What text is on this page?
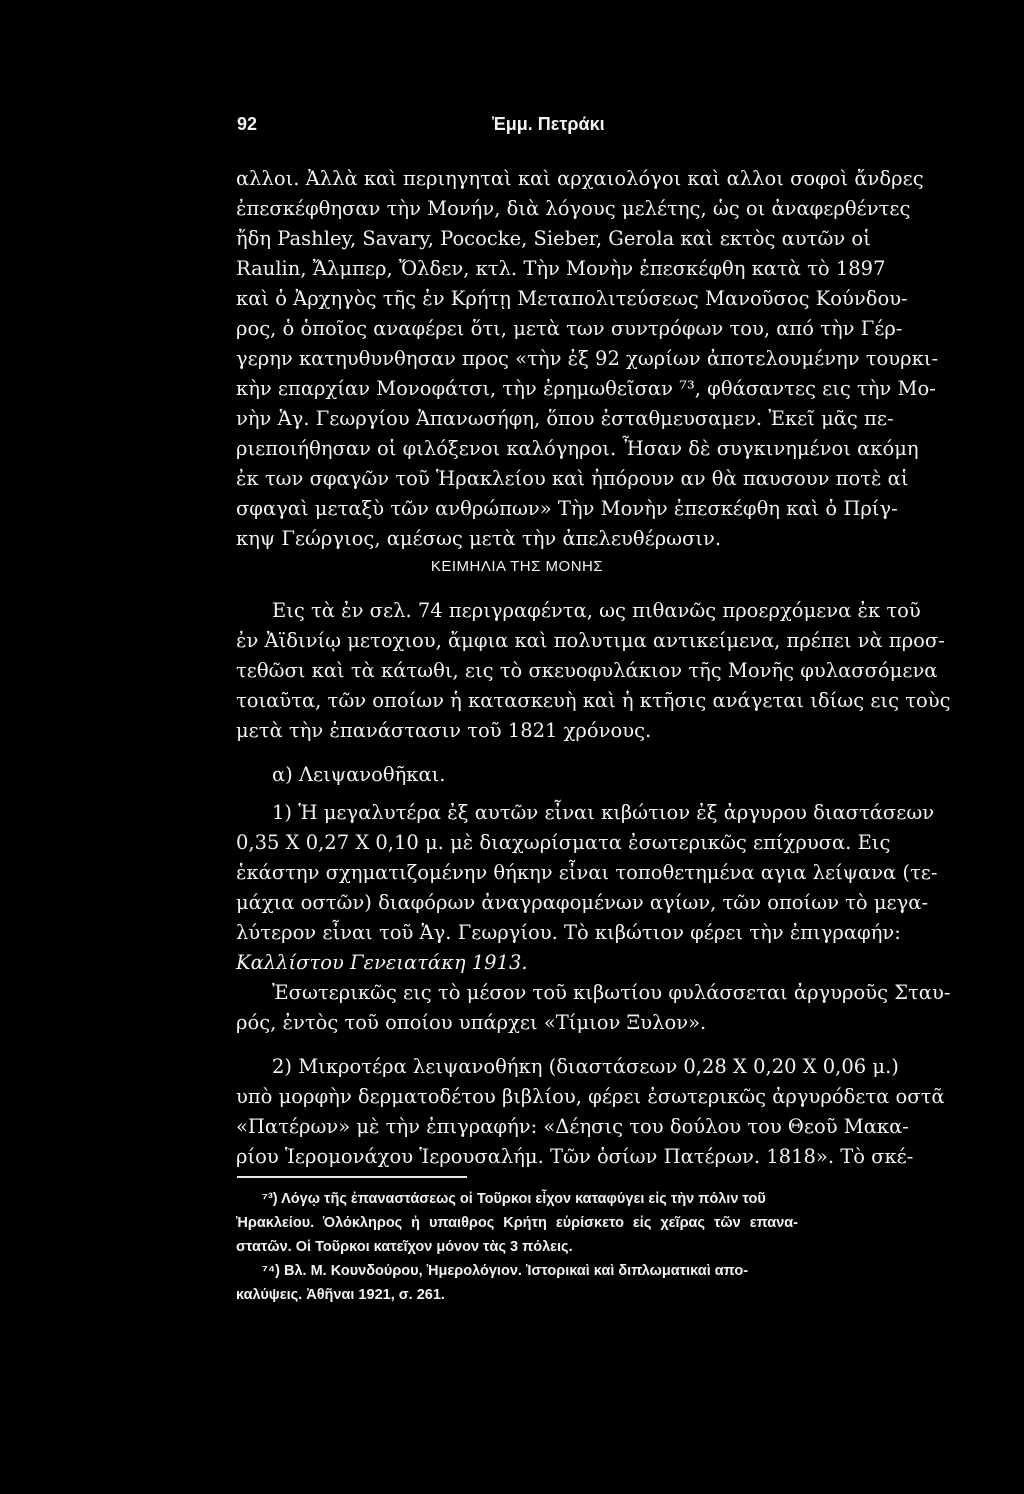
92	Ἐμμ. Πετράκι
αλλοι. Ἀλλὰ καὶ περιηγηταὶ καὶ αρχαιολόγοι καὶ αλλοι σοφοὶ ἄνδρες
ἐπεσκέφθησαν τὴν Μονήν, διὰ λόγους μελέτης, ὡς οι ἀναφερθέντες
ἤδη Pashley, Savary, Pococke, Sieber, Gerola καὶ εκτὸς αυτῶν οἱ
Raulin, Ἄλμπερ, Ὄλδεν, κτλ. Τὴν Μονὴν ἐπεσκέφθη κατὰ τὸ 1897
καὶ ὁ Ἀρχηγὸς τῆς ἐν Κρήτῃ Μεταπολιτεύσεως Μανοῦσος Κούνδου-
ρος, ὁ ὁποῖος αναφέρει ὅτι, μετὰ των συντρόφων του, από τὴν Γέρ-
γερην κατηυθυνθησαν προς «τὴν ἐξ 92 χωρίων ἀποτελουμένην τουρκι-
κὴν επαρχίαν Μονοφάτσι, τὴν ἐρημωθεῖσαν ⁷³, φθάσαντες εις τὴν Μο-
νὴν Ἁγ. Γεωργίου Ἀπανωσήφη, ὅπου ἐσταθμευσαμεν. Ἐκεῖ μᾶς πε-
ριεποιήθησαν οἱ φιλόξενοι καλόγηροι. Ἦσαν δὲ συγκινημένοι ακόμη
ἐκ των σφαγῶν τοῦ Ἡρακλείου καὶ ἠπόρουν αν θὰ παυσουν ποτὲ αἱ
σφαγαὶ μεταξὺ τῶν ανθρώπων» Τὴν Μονὴν ἐπεσκέφθη καὶ ὁ Πρίγ-
κηψ Γεώργιος, αμέσως μετὰ τὴν ἀπελευθέρωσιν.
ΚΕΙΜΗΛΙΑ ΤΗΣ ΜΟΝΗΣ
Εις τὰ ἐν σελ. 74 περιγραφέντα, ως πιθανῶς προερχόμενα ἐκ τοῦ
ἐν Ἀϊδινίῳ μετοχιου, ἄμφια καὶ πολυτιμα αντικείμενα, πρέπει νὰ προσ-
τεθῶσι καὶ τὰ κάτωθι, εις τὸ σκευοφυλάκιον τῆς Μονῆς φυλασσόμενα
τοιαῦτα, τῶν οποίων ἡ κατασκευὴ καὶ ἡ κτῆσις ανάγεται ιδίως εις τοὺς
μετὰ τὴν ἐπανάστασιν τοῦ 1821 χρόνους.
α) Λειψανοθῆκαι.
1) Ἡ μεγαλυτέρα ἐξ αυτῶν εἶναι κιβώτιον ἐξ ἀργυρου διαστάσεων
0,35 X 0,27 X 0,10 μ. μὲ διαχωρίσματα ἐσωτερικῶς επίχρυσα. Εις
ἑκάστην σχηματιζομένην θήκην εἶναι τοποθετημένα αγια λείψανα (τε-
μάχια οστῶν) διαφόρων ἀναγραφομένων αγίων, τῶν οποίων τὸ μεγα-
λύτερον εἶναι τοῦ Ἁγ. Γεωργίου. Τὸ κιβώτιον φέρει τὴν ἐπιγραφήν:
Καλλίστου Γενειατάκη 1913.
Ἐσωτερικῶς εις τὸ μέσον τοῦ κιβωτίου φυλάσσεται ἀργυροῦς Σταυ-
ρός, ἐντὸς τοῦ οποίου υπάρχει «Τίμιον Ξυλον».
2) Μικροτέρα λειψανοθήκη (διαστάσεων 0,28 X 0,20 X 0,06 μ.)
υπὸ μορφὴν δερματοδέτου βιβλίου, φέρει ἐσωτερικῶς ἀργυρόδετα οστᾶ
«Πατέρων» μὲ τὴν ἐπιγραφήν: «Δέησις του δούλου του Θεοῦ Μακα-
ρίου Ἱερομονάχου Ἱερουσαλήμ. Τῶν ὁσίων Πατέρων. 1818». Τὸ σκέ-
⁷³) Λόγῳ τῆς ἐπαναστάσεως οἱ Τοῦρκοι εἶχον καταφύγει εἰς τὴν πόλιν τοῦ
Ἡρακλείου. Ὁλόκληρος ἡ υπαιθρος Κρήτη εὑρίσκετο εἰς χεῖρας τῶν επανα-
στατῶν. Οἱ Τοῦρκοι κατεῖχον μόνον τὰς 3 πόλεις.
⁷⁴) Βλ. Μ. Κουνδούρου, Ἡμερολόγιον. Ἱστορικαὶ καὶ διπλωματικαὶ απο-
καλύψεις. Ἀθῆναι 1921, σ. 261.
